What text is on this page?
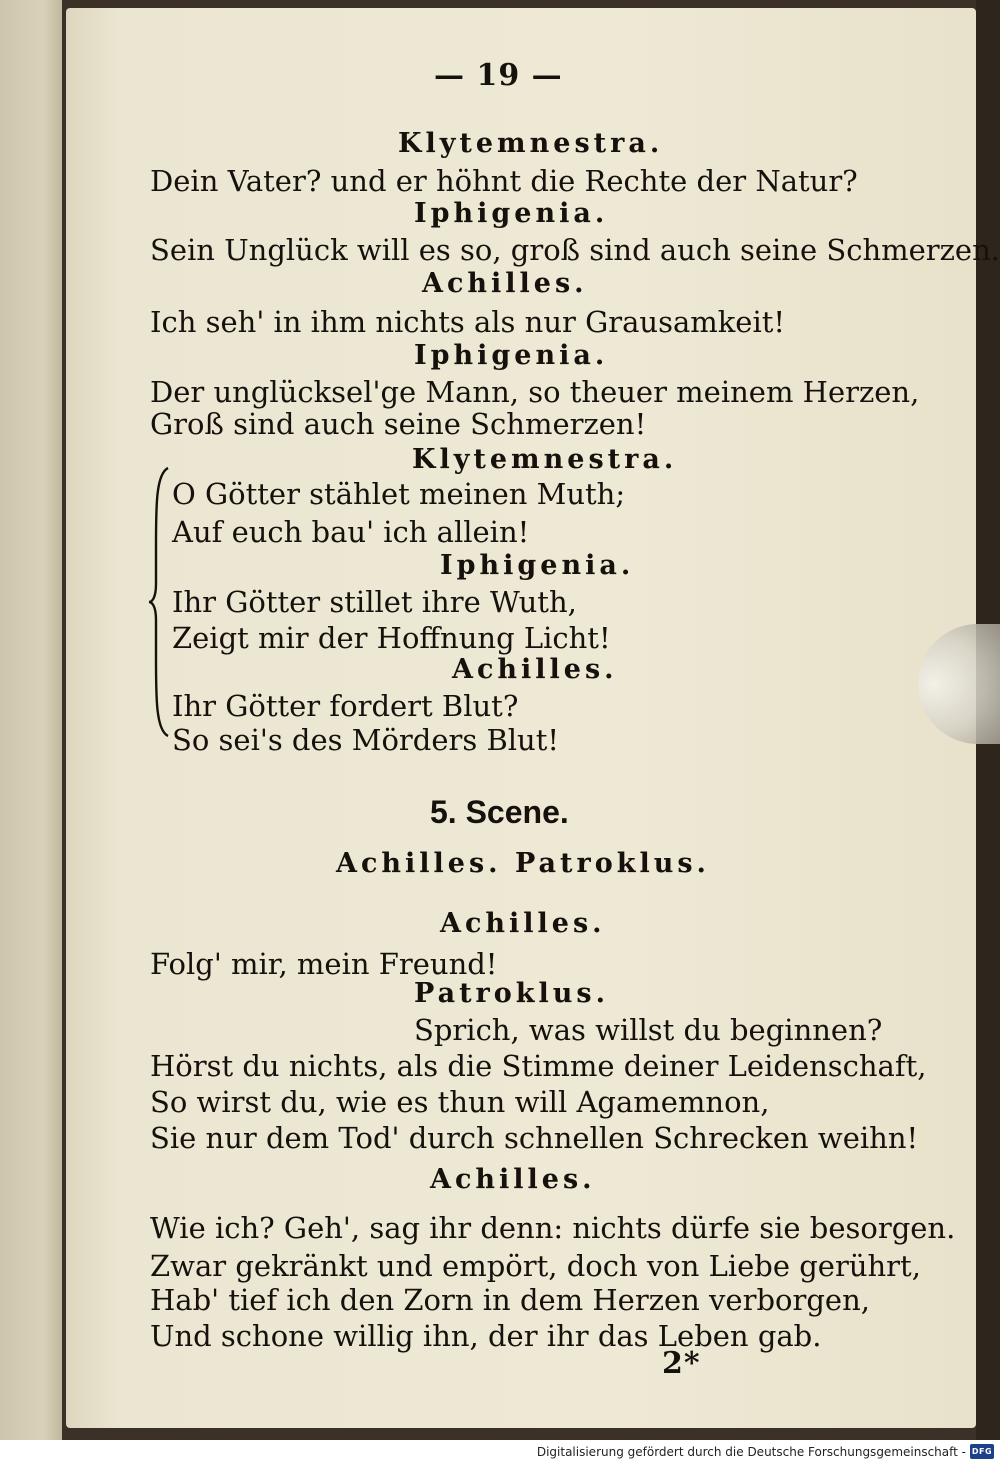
— 19 —
Klytemnestra.
Dein Vater? und er höhnt die Rechte der Natur?
Iphigenia.
Sein Unglück will es so, groß sind auch seine Schmerzen.
Achilles.
Ich seh' in ihm nichts als nur Grausamkeit!
Iphigenia.
Der unglücksel'ge Mann, so theuer meinem Herzen,
Groß sind auch seine Schmerzen!
Klytemnestra.
O Götter stählet meinen Muth;
Auf euch bau' ich allein!
Iphigenia.
Ihr Götter stillet ihre Wuth,
Zeigt mir der Hoffnung Licht!
Achilles.
Ihr Götter fordert Blut?
So sei's des Mörders Blut!
5. Scene.
Achilles. Patroklus.
Achilles.
Folg' mir, mein Freund!
Patroklus.
Sprich, was willst du beginnen?
Hörst du nichts, als die Stimme deiner Leidenschaft,
So wirst du, wie es thun will Agamemnon,
Sie nur dem Tod' durch schnellen Schrecken weihn!
Achilles.
Wie ich? Geh', sag ihr denn: nichts dürfe sie besorgen.
Zwar gekränkt und empört, doch von Liebe gerührt,
Hab' tief ich den Zorn in dem Herzen verborgen,
Und schone willig ihn, der ihr das Leben gab.
2*
Digitalisierung gefördert durch die Deutsche Forschungsgemeinschaft - DFG
